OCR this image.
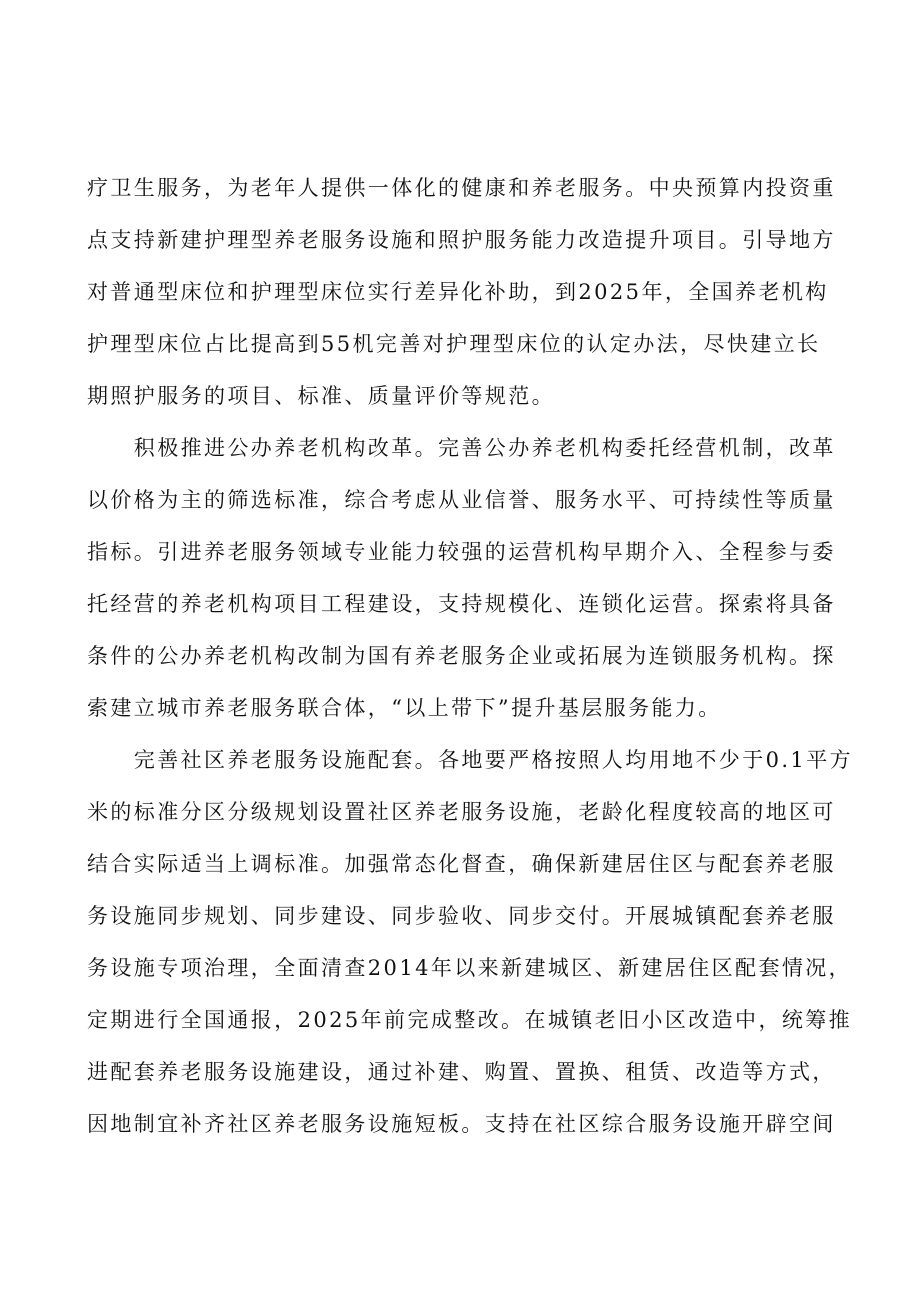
疗卫生服务，为老年人提供一体化的健康和养老服务。中央预算内投资重
点支持新建护理型养老服务设施和照护服务能力改造提升项目。引导地方
对普通型床位和护理型床位实行差异化补助，到2025年，全国养老机构
护理型床位占比提高到55机完善对护理型床位的认定办法，尽快建立长
期照护服务的项目、标准、质量评价等规范。
　　积极推进公办养老机构改革。完善公办养老机构委托经营机制，改革
以价格为主的筛选标准，综合考虑从业信誉、服务水平、可持续性等质量
指标。引进养老服务领域专业能力较强的运营机构早期介入、全程参与委
托经营的养老机构项目工程建设，支持规模化、连锁化运营。探索将具备
条件的公办养老机构改制为国有养老服务企业或拓展为连锁服务机构。探
索建立城市养老服务联合体，“以上带下”提升基层服务能力。
　　完善社区养老服务设施配套。各地要严格按照人均用地不少于0.1平方
米的标准分区分级规划设置社区养老服务设施，老龄化程度较高的地区可
结合实际适当上调标准。加强常态化督查，确保新建居住区与配套养老服
务设施同步规划、同步建设、同步验收、同步交付。开展城镇配套养老服
务设施专项治理，全面清查2014年以来新建城区、新建居住区配套情况，
定期进行全国通报，2025年前完成整改。在城镇老旧小区改造中，统筹推
进配套养老服务设施建设，通过补建、购置、置换、租赁、改造等方式，
因地制宜补齐社区养老服务设施短板。支持在社区综合服务设施开辟空间
